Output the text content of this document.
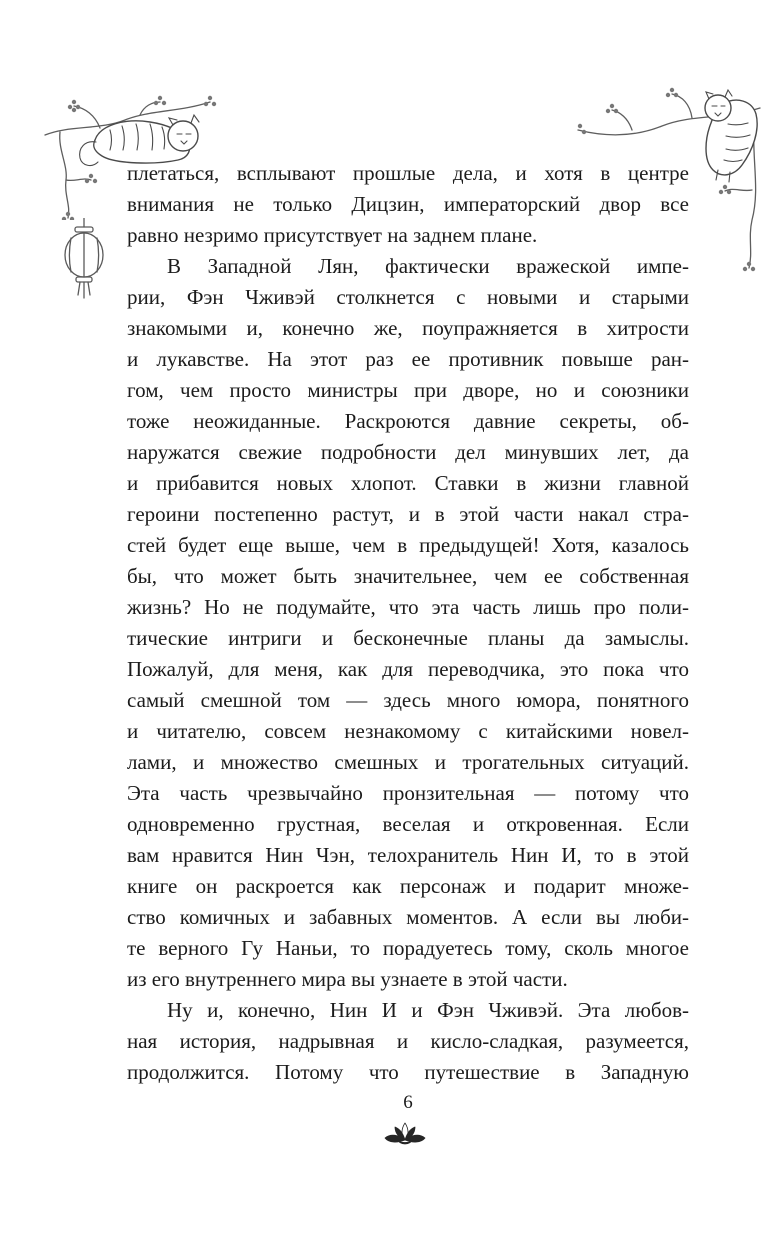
плетаться, всплывают прошлые дела, и хотя в центре
внимания не только Дицзин, императорский двор все
равно незримо присутствует на заднем плане.
В Западной Лян, фактически вражеской импе-
рии, Фэн Чживэй столкнется с новыми и старыми
знакомыми и, конечно же, поупражняется в хитрости
и лукавстве. На этот раз ее противник повыше ран-
гом, чем просто министры при дворе, но и союзники
тоже неожиданные. Раскроются давние секреты, об-
наружатся свежие подробности дел минувших лет, да
и прибавится новых хлопот. Ставки в жизни главной
героини постепенно растут, и в этой части накал стра-
стей будет еще выше, чем в предыдущей! Хотя, казалось
бы, что может быть значительнее, чем ее собственная
жизнь? Но не подумайте, что эта часть лишь про поли-
тические интриги и бесконечные планы да замыслы.
Пожалуй, для меня, как для переводчика, это пока что
самый смешной том — здесь много юмора, понятного
и читателю, совсем незнакомому с китайскими новел-
лами, и множество смешных и трогательных ситуаций.
Эта часть чрезвычайно пронзительная — потому что
одновременно грустная, веселая и откровенная. Если
вам нравится Нин Чэн, телохранитель Нин И, то в этой
книге он раскроется как персонаж и подарит множе-
ство комичных и забавных моментов. А если вы люби-
те верного Гу Наньи, то порадуетесь тому, сколь многое
из его внутреннего мира вы узнаете в этой части.
Ну и, конечно, Нин И и Фэн Чживэй. Эта любов-
ная история, надрывная и кисло-сладкая, разумеется,
продолжится. Потому что путешествие в Западную
6
